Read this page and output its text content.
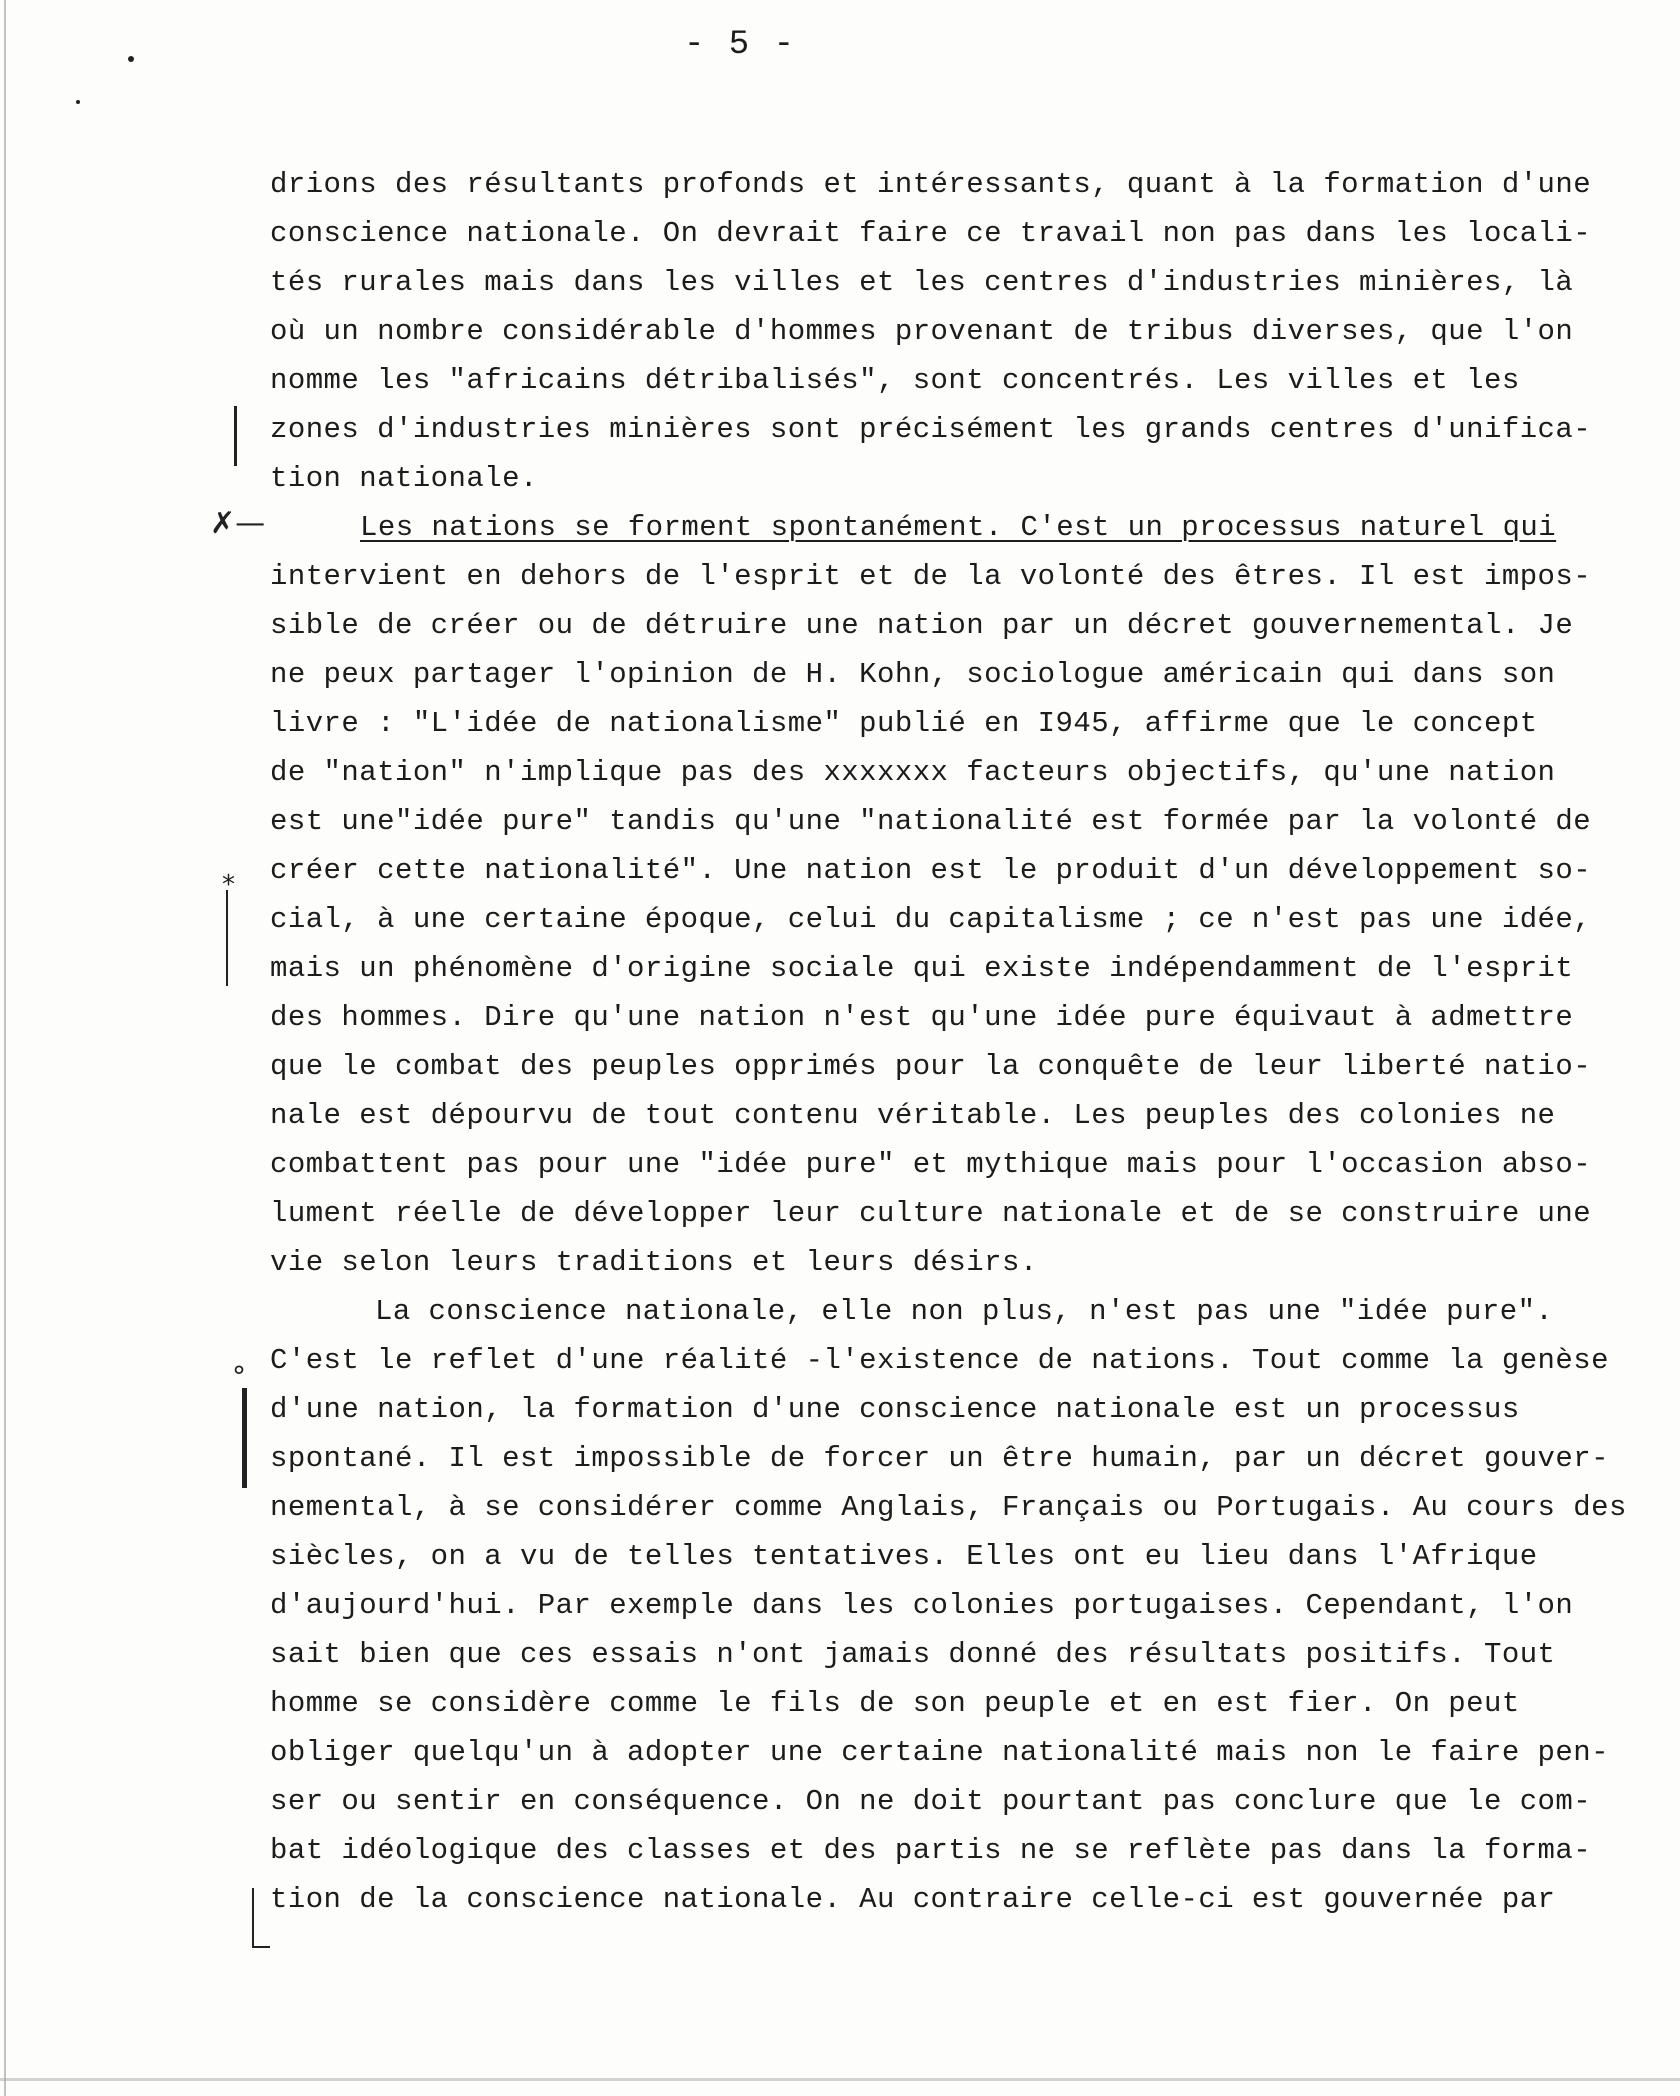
- 5 -
✗—
*
°
drions des résultants profonds et intéressants, quant à la formation d'une
conscience nationale. On devrait faire ce travail non pas dans les locali-
tés rurales mais dans les villes et les centres d'industries minières, là
où un nombre considérable d'hommes provenant de tribus diverses, que l'on
nomme les "africains détribalisés", sont concentrés. Les villes et les
zones d'industries minières sont précisément les grands centres d'unifica-
tion nationale.
Les nations se forment spontanément. C'est un processus naturel qui
intervient en dehors de l'esprit et de la volonté des êtres. Il est impos-
sible de créer ou de détruire une nation par un décret gouvernemental. Je
ne peux partager l'opinion de H. Kohn, sociologue américain qui dans son
livre : "L'idée de nationalisme" publié en I945, affirme que le concept
de "nation" n'implique pas des xxxxxxx facteurs objectifs, qu'une nation
est une"idée pure" tandis qu'une "nationalité est formée par la volonté de
créer cette nationalité". Une nation est le produit d'un développement so-
cial, à une certaine époque, celui du capitalisme ; ce n'est pas une idée,
mais un phénomène d'origine sociale qui existe indépendamment de l'esprit
des hommes. Dire qu'une nation n'est qu'une idée pure équivaut à admettre
que le combat des peuples opprimés pour la conquête de leur liberté natio-
nale est dépourvu de tout contenu véritable. Les peuples des colonies ne
combattent pas pour une "idée pure" et mythique mais pour l'occasion abso-
lument réelle de développer leur culture nationale et de se construire une
vie selon leurs traditions et leurs désirs.
La conscience nationale, elle non plus, n'est pas une "idée pure".
C'est le reflet d'une réalité -l'existence de nations. Tout comme la genèse
d'une nation, la formation d'une conscience nationale est un processus
spontané. Il est impossible de forcer un être humain, par un décret gouver-
nemental, à se considérer comme Anglais, Français ou Portugais. Au cours des
siècles, on a vu de telles tentatives. Elles ont eu lieu dans l'Afrique
d'aujourd'hui. Par exemple dans les colonies portugaises. Cependant, l'on
sait bien que ces essais n'ont jamais donné des résultats positifs. Tout
homme se considère comme le fils de son peuple et en est fier. On peut
obliger quelqu'un à adopter une certaine nationalité mais non le faire pen-
ser ou sentir en conséquence. On ne doit pourtant pas conclure que le com-
bat idéologique des classes et des partis ne se reflète pas dans la forma-
tion de la conscience nationale. Au contraire celle-ci est gouvernée par
